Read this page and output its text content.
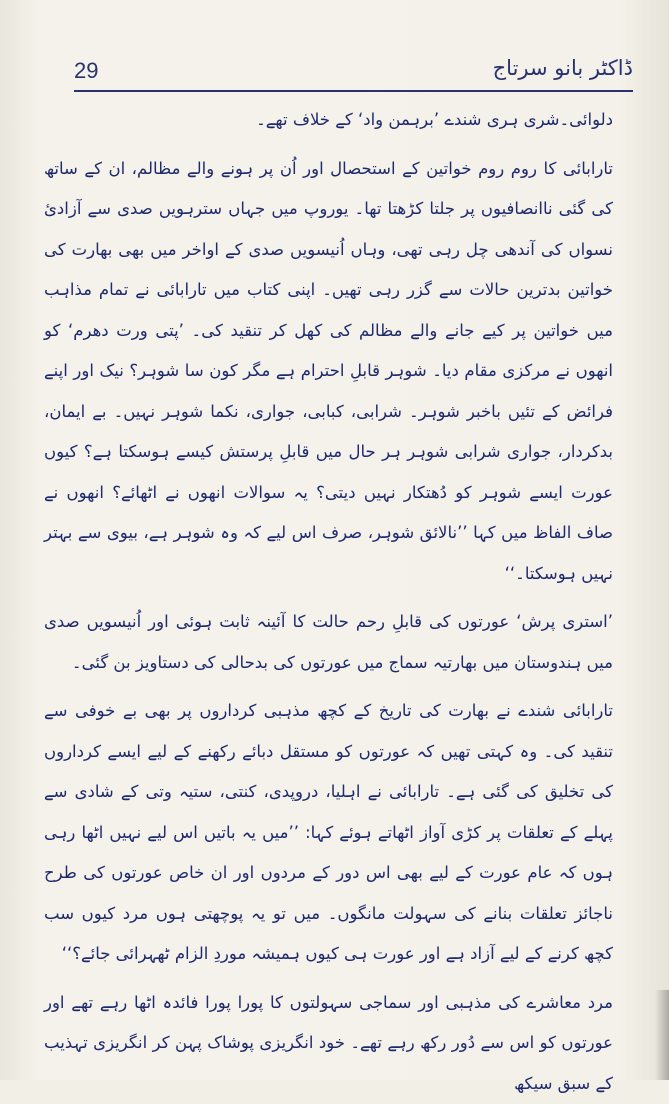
29	ڈاکٹر بانو سرتاج

دلوائی۔شری ہری شندے ’برہمن واد‘ کے خلاف تھے۔

تارابائی کا روم روم خواتین کے استحصال اور اُن پر ہونے والے مظالم، ان کے ساتھ کی گئی ناانصافیوں پر جلتا کڑھتا تھا۔ یوروپ میں جہاں سترہویں صدی سے آزادیٔ نسواں کی آندھی چل رہی تھی، وہاں اُنیسویں صدی کے اواخر میں بھی بھارت کی خواتین بدترین حالات سے گزر رہی تھیں۔ اپنی کتاب میں تارابائی نے تمام مذاہب میں خواتین پر کیے جانے والے مظالم کی کھل کر تنقید کی۔ ’پتی ورت دھرم‘ کو انھوں نے مرکزی مقام دیا۔ شوہر قابلِ احترام ہے مگر کون سا شوہر؟ نیک اور اپنے فرائض کے تئیں باخبر شوہر۔ شرابی، کبابی، جواری، نکما شوہر نہیں۔ بے ایمان، بدکردار، جواری شرابی شوہر ہر حال میں قابلِ پرستش کیسے ہوسکتا ہے؟ کیوں عورت ایسے شوہر کو دُھتکار نہیں دیتی؟ یہ سوالات انھوں نے اٹھائے؟ انھوں نے صاف الفاظ میں کہا ’’نالائق شوہر، صرف اس لیے کہ وہ شوہر ہے، بیوی سے بہتر نہیں ہوسکتا۔‘‘

’استری پرش‘ عورتوں کی قابلِ رحم حالت کا آئینہ ثابت ہوئی اور اُنیسویں صدی میں ہندوستان میں بھارتیہ سماج میں عورتوں کی بدحالی کی دستاویز بن گئی۔

تارابائی شندے نے بھارت کی تاریخ کے کچھ مذہبی کرداروں پر بھی بے خوفی سے تنقید کی۔ وہ کہتی تھیں کہ عورتوں کو مستقل دبائے رکھنے کے لیے ایسے کرداروں کی تخلیق کی گئی ہے۔ تارابائی نے اہلیا، دروپدی، کنتی، ستیہ وتی کے شادی سے پہلے کے تعلقات پر کڑی آواز اٹھاتے ہوئے کہا: ’’میں یہ باتیں اس لیے نہیں اٹھا رہی ہوں کہ عام عورت کے لیے بھی اس دور کے مردوں اور ان خاص عورتوں کی طرح ناجائز تعلقات بنانے کی سہولت مانگوں۔ میں تو یہ پوچھتی ہوں مرد کیوں سب کچھ کرنے کے لیے آزاد ہے اور عورت ہی کیوں ہمیشہ موردِ الزام ٹھہرائی جائے؟‘‘

مرد معاشرے کی مذہبی اور سماجی سہولتوں کا پورا پورا فائدہ اٹھا رہے تھے اور عورتوں کو اس سے دُور رکھ رہے تھے۔ خود انگریزی پوشاک پہن کر انگریزی تہذیب کے سبق سیکھ
